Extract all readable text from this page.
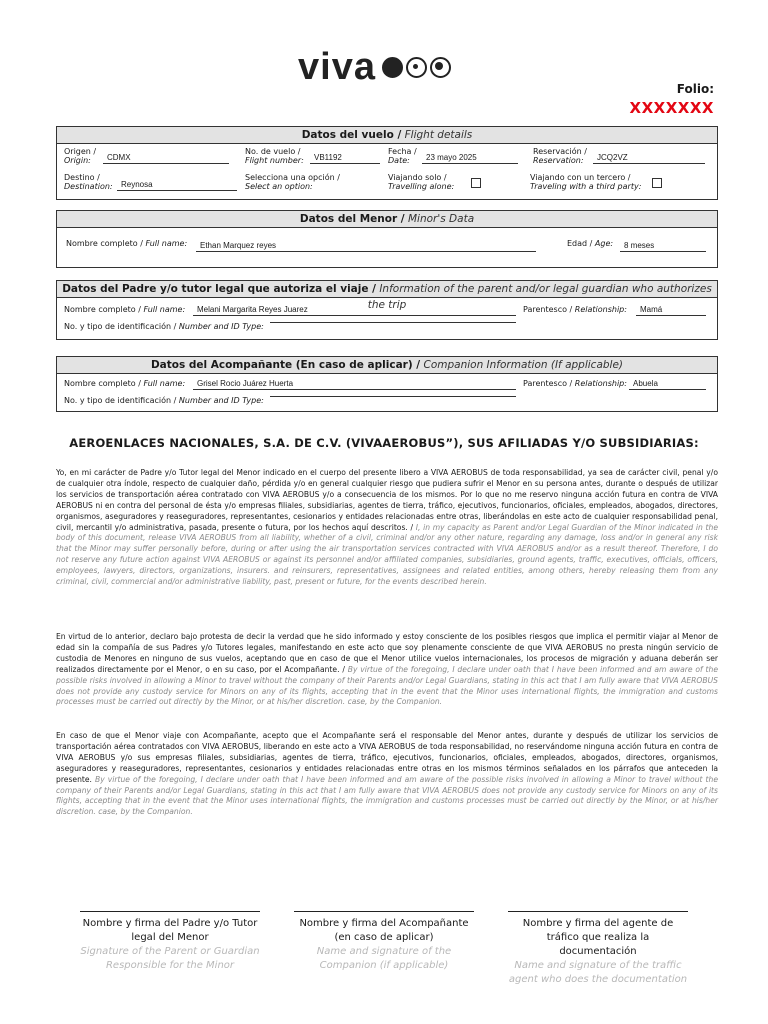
viva
Folio:
XXXXXXX
Datos del vuelo / Flight details
Origen /
Origin:	CDMX
No. de vuelo /
Flight number:	VB1192
Fecha /
Date:	23 mayo 2025
Reservación /
Reservation:	JCQ2VZ
Destino /
Destination:	Reynosa
Selecciona una opción /
Select an option:
Viajando solo /
Travelling alone:
Viajando con un tercero /
Traveling with a third party:
Datos del Menor / Minor's Data
Nombre completo / Full name:	Ethan Marquez reyes	Edad / Age:	8 meses
Datos del Padre y/o tutor legal que autoriza el viaje / Information of the parent and/or legal guardian who authorizes the trip
Nombre completo / Full name:	Melani Margarita Reyes Juarez	Parentesco / Relationship:	Mamá
No. y tipo de identificación / Number and ID Type:
Datos del Acompañante (En caso de aplicar) / Companion Information (If applicable)
Nombre completo / Full name:	Grisel Rocio Juárez Huerta	Parentesco / Relationship: Abuela
No. y tipo de identificación / Number and ID Type:
AEROENLACES NACIONALES, S.A. DE C.V. (VIVAAEROBUS”), SUS AFILIADAS Y/O SUBSIDIARIAS:

Yo, en mi carácter de Padre y/o Tutor legal del Menor indicado en el cuerpo del presente libero a VIVA AEROBUS de toda responsabilidad, ya sea de carácter civil, penal y/o de cualquier otra índole, respecto de cualquier daño, pérdida y/o en general cualquier riesgo que pudiera sufrir el Menor en su persona antes, durante o después de utilizar los servicios de transportación aérea contratado con VIVA AEROBUS y/o a consecuencia de los mismos. Por lo que no me reservo ninguna acción futura en contra de VIVA AEROBUS ni en contra del personal de ésta y/o empresas filiales, subsidiarias, agentes de tierra, tráfico, ejecutivos, funcionarios, oficiales, empleados, abogados, directores, organismos, aseguradores y reaseguradores, representantes, cesionarios y entidades relacionadas entre otras, liberándolas en este acto de cualquier responsabilidad penal, civil, mercantil y/o administrativa, pasada, presente o futura, por los hechos aquí descritos. / I, in my capacity as Parent and/or Legal Guardian of the Minor indicated in the body of this document, release VIVA AEROBUS from all liability, whether of a civil, criminal and/or any other nature, regarding any damage, loss and/or in general any risk that the Minor may suffer personally before, during or after using the air transportation services contracted with VIVA AEROBUS and/or as a result thereof. Therefore, I do not reserve any future action against VIVA AEROBUS or against its personnel and/or affiliated companies, subsidiaries, ground agents, traffic, executives, officials, officers, employees, lawyers, directors, organizations, insurers. and reinsurers, representatives, assignees and related entities, among others, hereby releasing them from any criminal, civil, commercial and/or administrative liability, past, present or future, for the events described herein.

En virtud de lo anterior, declaro bajo protesta de decir la verdad que he sido informado y estoy consciente de los posibles riesgos que implica el permitir viajar al Menor de edad sin la compañía de sus Padres y/o Tutores legales, manifestando en este acto que soy plenamente consciente de que VIVA AEROBUS no presta ningún servicio de custodia de Menores en ninguno de sus vuelos, aceptando que en caso de que el Menor utilice vuelos internacionales, los procesos de migración y aduana deberán ser realizados directamente por el Menor, o en su caso, por el Acompañante. / By virtue of the foregoing, I declare under oath that I have been informed and am aware of the possible risks involved in allowing a Minor to travel without the company of their Parents and/or Legal Guardians, stating in this act that I am fully aware that VIVA AEROBUS does not provide any custody service for Minors on any of its flights, accepting that in the event that the Minor uses international flights, the immigration and customs processes must be carried out directly by the Minor, or at his/her discretion. case, by the Companion.

En caso de que el Menor viaje con Acompañante, acepto que el Acompañante será el responsable del Menor antes, durante y después de utilizar los servicios de transportación aérea contratados con VIVA AEROBUS, liberando en este acto a VIVA AEROBUS de toda responsabilidad, no reservándome ninguna acción futura en contra de VIVA AEROBUS y/o sus empresas filiales, subsidiarias, agentes de tierra, tráfico, ejecutivos, funcionarios, oficiales, empleados, abogados, directores, organismos, aseguradores y reaseguradores, representantes, cesionarios y entidades relacionadas entre otras en los mismos términos señalados en los párrafos que anteceden la presente. By virtue of the foregoing, I declare under oath that I have been informed and am aware of the possible risks involved in allowing a Minor to travel without the company of their Parents and/or Legal Guardians, stating in this act that I am fully aware that VIVA AEROBUS does not provide any custody service for Minors on any of its flights, accepting that in the event that the Minor uses international flights, the immigration and customs processes must be carried out directly by the Minor, or at his/her discretion. case, by the Companion.

Nombre y firma del Padre y/o Tutor legal del Menor
Signature of the Parent or Guardian Responsible for the Minor
Nombre y firma del Acompañante (en caso de aplicar)
Name and signature of the Companion (if applicable)
Nombre y firma del agente de tráfico que realiza la documentación
Name and signature of the traffic agent who does the documentation
